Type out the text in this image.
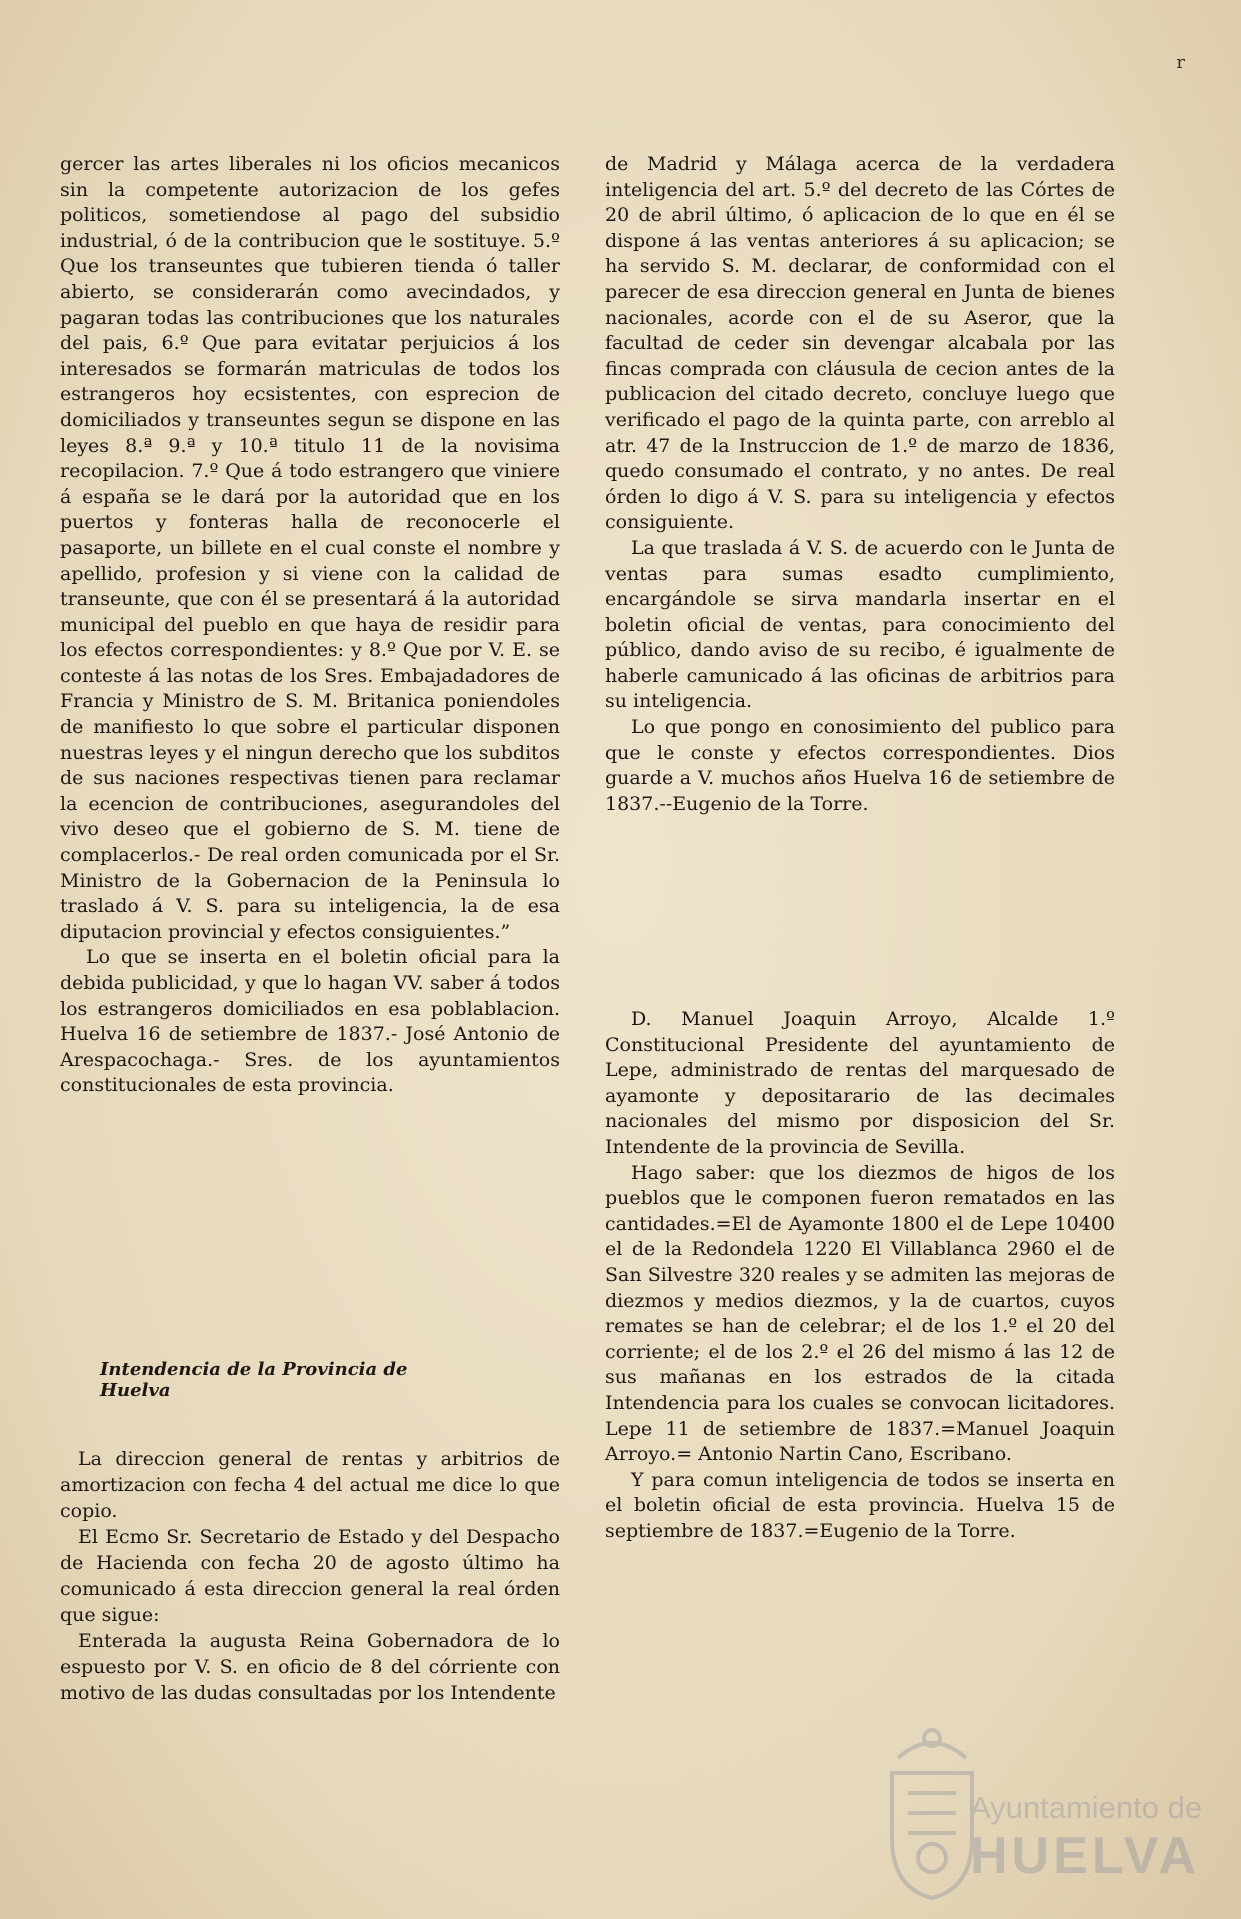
r

gercer las artes liberales ni los oficios mecanicos sin la competente autorizacion de los gefes politicos, sometiendose al pago del subsidio industrial, ó de la contribucion que le sostituye. 5.º Que los transeuntes que tubieren tienda ó taller abierto, se considerarán como avecindados, y pagaran todas las contribuciones que los naturales del pais, 6.º Que para evitatar perjuicios á los interesados se formarán matriculas de todos los estrangeros hoy ecsistentes, con esprecion de domiciliados y transeuntes segun se dispone en las leyes 8.ª 9.ª y 10.ª titulo 11 de la novisima recopilacion. 7.º Que á todo estrangero que viniere á españa se le dará por la autoridad que en los puertos y fonteras halla de reconocerle el pasaporte, un billete en el cual conste el nombre y apellido, profesion y si viene con la calidad de transeunte, que con él se presentará á la autoridad municipal del pueblo en que haya de residir para los efectos correspondientes: y 8.º Que por V. E. se conteste á las notas de los Sres. Embajadadores de Francia y Ministro de S. M. Britanica poniendoles de manifiesto lo que sobre el particular disponen nuestras leyes y el ningun derecho que los subditos de sus naciones respectivas tienen para reclamar la ecencion de contribuciones, asegurandoles del vivo deseo que el gobierno de S. M. tiene de complacerlos.- De real orden comunicada por el Sr. Ministro de la Gobernacion de la Peninsula lo traslado á V. S. para su inteligencia, la de esa diputacion provincial y efectos consiguientes.”

Lo que se inserta en el boletin oficial para la debida publicidad, y que lo hagan VV. saber á todos los estrangeros domiciliados en esa poblablacion. Huelva 16 de setiembre de 1837.- José Antonio de Arespacochaga.- Sres. de los ayuntamientos constitucionales de esta provincia.

Intendencia de la Provincia de Huelva

La direccion general de rentas y arbitrios de amortizacion con fecha 4 del actual me dice lo que copio.

El Ecmo Sr. Secretario de Estado y del Despacho de Hacienda con fecha 20 de agosto último ha comunicado á esta direccion general la real órden que sigue:

Enterada la augusta Reina Gobernadora de lo espuesto por V. S. en oficio de 8 del córriente con motivo de las dudas consultadas por los Intendente

de Madrid y Málaga acerca de la verdadera inteligencia del art. 5.º del decreto de las Córtes de 20 de abril último, ó aplicacion de lo que en él se dispone á las ventas anteriores á su aplicacion; se ha servido S. M. declarar, de conformidad con el parecer de esa direccion general en Junta de bienes nacionales, acorde con el de su Aseror, que la facultad de ceder sin devengar alcabala por las fincas comprada con cláusula de cecion antes de la publicacion del citado decreto, concluye luego que verificado el pago de la quinta parte, con arreblo al atr. 47 de la Instruccion de 1.º de marzo de 1836, quedo consumado el contrato, y no antes. De real órden lo digo á V. S. para su inteligencia y efectos consiguiente.

La que traslada á V. S. de acuerdo con le Junta de ventas para sumas esadto cumplimiento, encargándole se sirva mandarla insertar en el boletin oficial de ventas, para conocimiento del público, dando aviso de su recibo, é igualmente de haberle camunicado á las oficinas de arbitrios para su inteligencia.

Lo que pongo en conosimiento del publico para que le conste y efectos correspondientes. Dios guarde a V. muchos años Huelva 16 de setiembre de 1837.--Eugenio de la Torre.

D. Manuel Joaquin Arroyo, Alcalde 1.º Constitucional Presidente del ayuntamiento de Lepe, administrado de rentas del marquesado de ayamonte y depositarario de las decimales nacionales del mismo por disposicion del Sr. Intendente de la provincia de Sevilla.

Hago saber: que los diezmos de higos de los pueblos que le componen fueron rematados en las cantidades.=El de Ayamonte 1800 el de Lepe 10400 el de la Redondela 1220 El Villablanca 2960 el de San Silvestre 320 reales y se admiten las mejoras de diezmos y medios diezmos, y la de cuartos, cuyos remates se han de celebrar; el de los 1.º el 20 del corriente; el de los 2.º el 26 del mismo á las 12 de sus mañanas en los estrados de la citada Intendencia para los cuales se convocan licitadores. Lepe 11 de setiembre de 1837.=Manuel Joaquin Arroyo.= Antonio Nartin Cano, Escribano.

Y para comun inteligencia de todos se inserta en el boletin oficial de esta provincia. Huelva 15 de septiembre de 1837.=Eugenio de la Torre.

Ayuntamiento de
HUELVA
